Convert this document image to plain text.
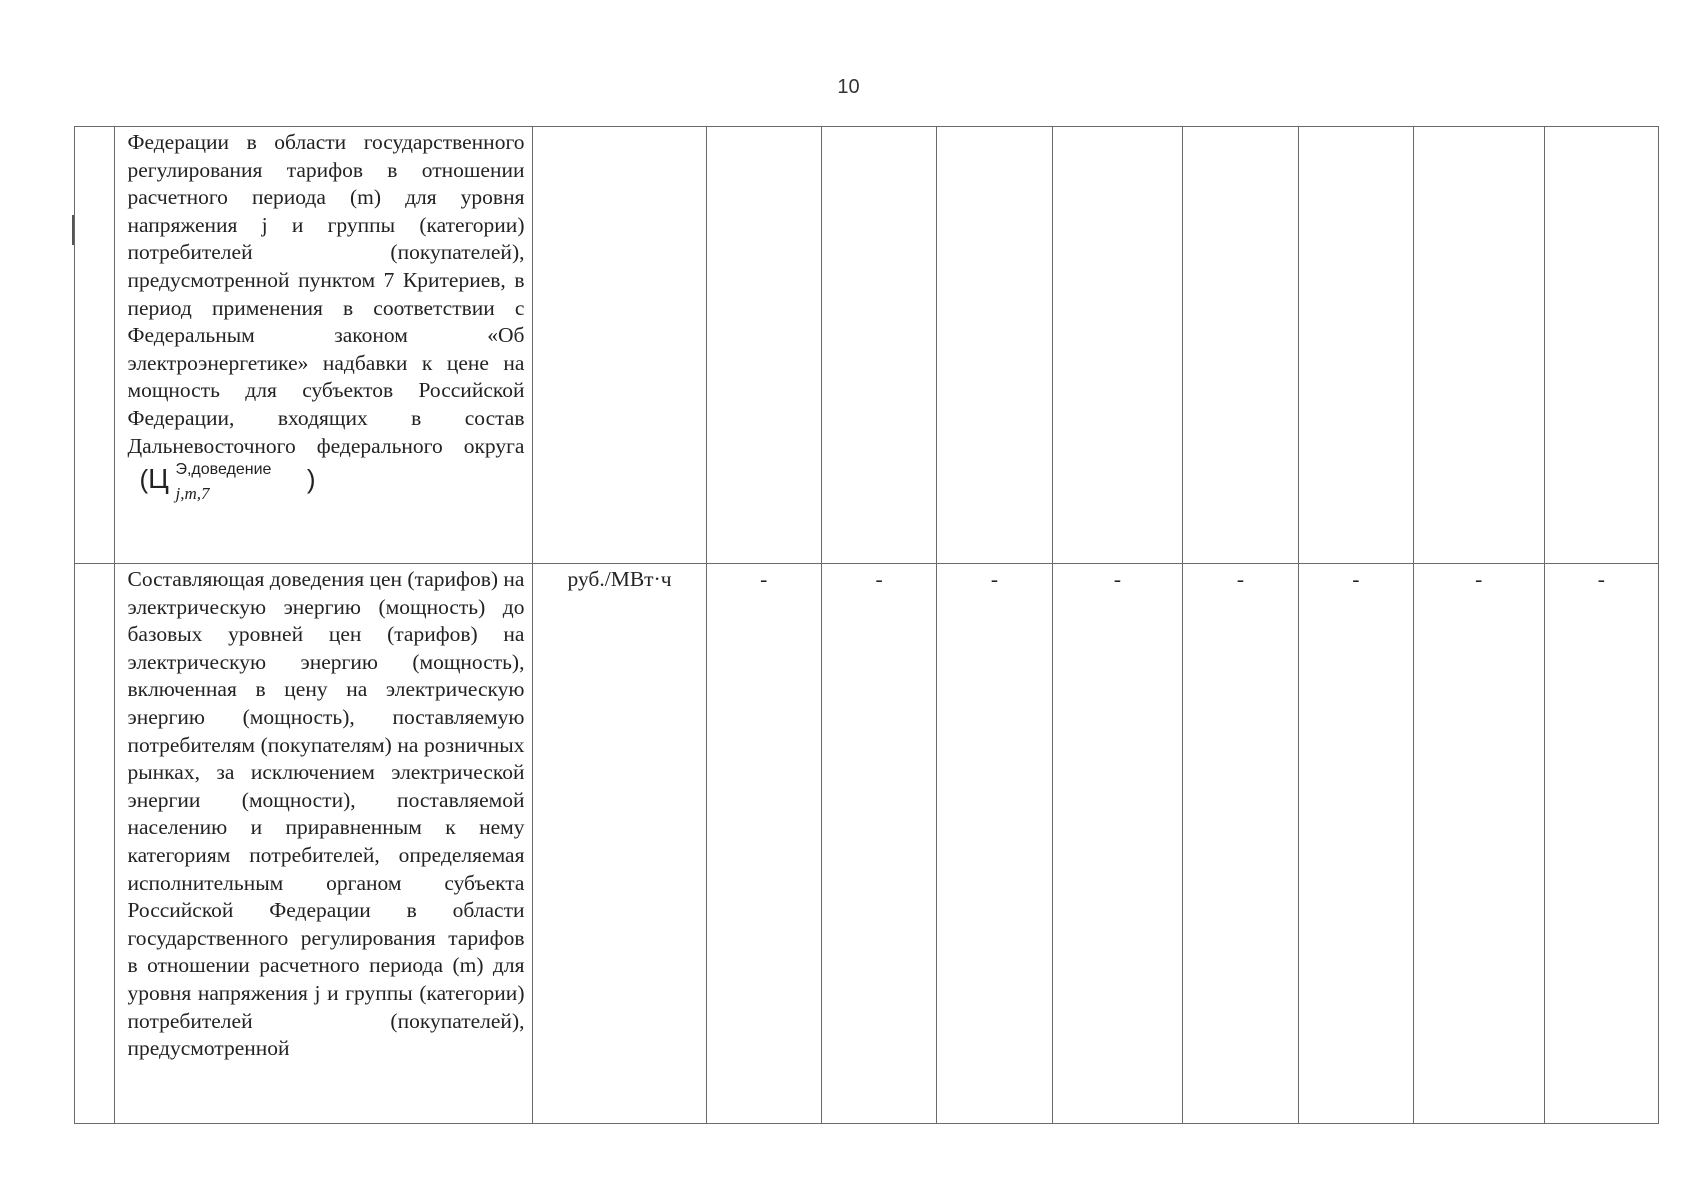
10
	Федерации в области государственного регулирования тарифов в отношении расчетного периода (m) для уровня напряжения j и группы (категории) потребителей (покупателей), предусмотренной пунктом 7 Критериев, в период применения в соответствии с Федеральным законом «Об электроэнергетике» надбавки к цене на мощность для субъектов Российской Федерации, входящих в состав Дальневосточного федерального округа (Ц Э,доведение
j,m,7 )									
	Составляющая доведения цен (тарифов) на электрическую энергию (мощность) до базовых уровней цен (тарифов) на электрическую энергию (мощность), включенная в цену на электрическую энергию (мощность), поставляемую потребителям (покупателям) на розничных рынках, за исключением электрической энергии (мощности), поставляемой населению и приравненным к нему категориям потребителей, определяемая исполнительным органом субъекта Российской Федерации в области государственного регулирования тарифов в отношении расчетного периода (m) для уровня напряжения j и группы (категории) потребителей (покупателей), предусмотренной	руб./МВт·ч	-	-	-	-	-	-	-	-
